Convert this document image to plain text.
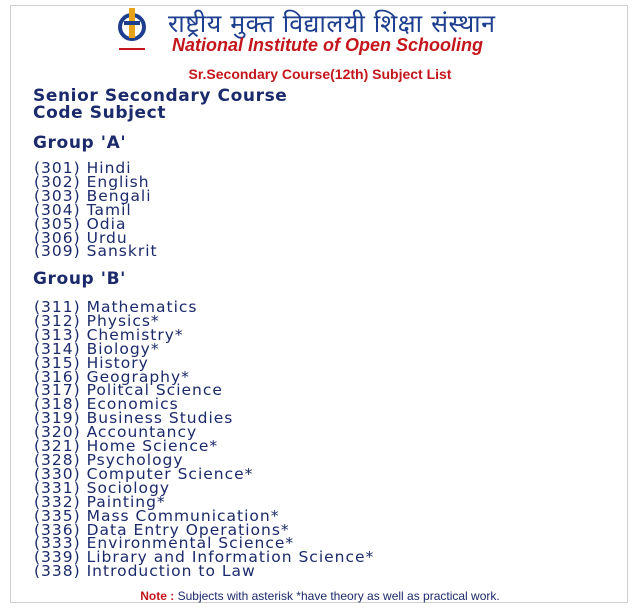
राष्ट्रीय मुक्त विद्यालयी शिक्षा संस्थान
National Institute of Open Schooling
Sr.Secondary Course(12th) Subject List
Senior Secondary Course
Code Subject
Group 'A'
(301) Hindi
(302) English
(303) Bengali
(304) Tamil
(305) Odia
(306) Urdu
(309) Sanskrit
Group 'B'
(311) Mathematics
(312) Physics*
(313) Chemistry*
(314) Biology*
(315) History
(316) Geography*
(317) Politcal Science
(318) Economics
(319) Business Studies
(320) Accountancy
(321) Home Science*
(328) Psychology
(330) Computer Science*
(331) Sociology
(332) Painting*
(335) Mass Communication*
(336) Data Entry Operations*
(333) Environmental Science*
(339) Library and Information Science*
(338) Introduction to Law
Note : Subjects with asterisk *have theory as well as practical work.
